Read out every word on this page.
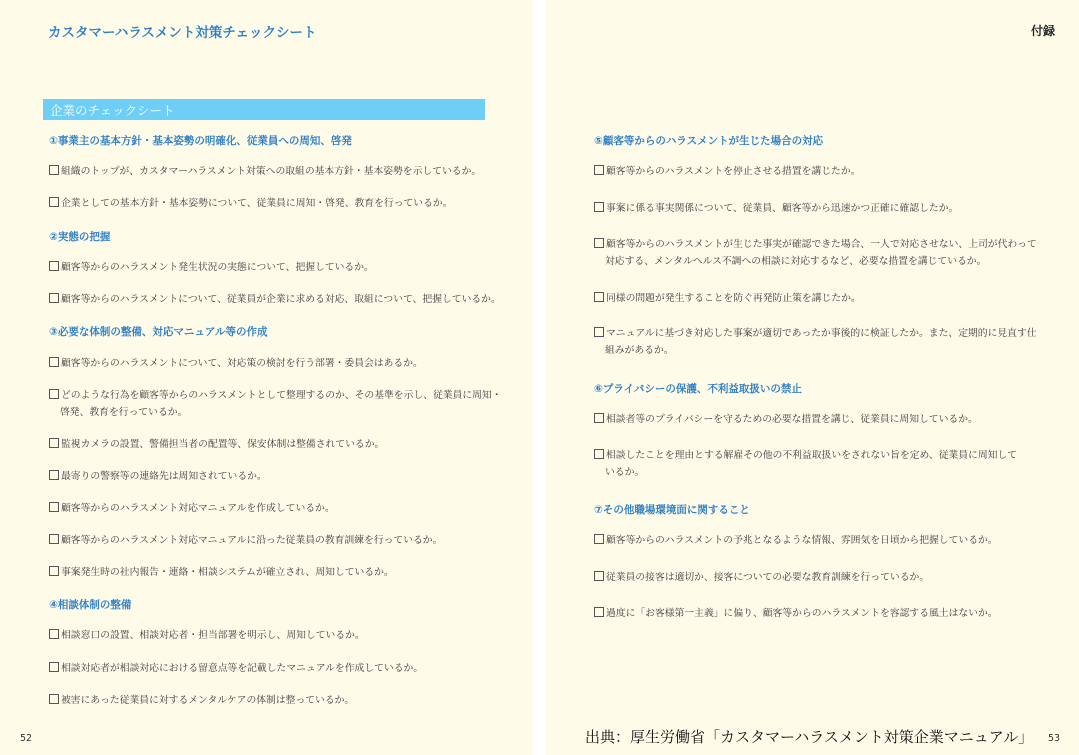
カスタマーハラスメント対策チェックシート
企業のチェックシート
①事業主の基本方針・基本姿勢の明確化、従業員への周知、啓発
組織のトップが、カスタマーハラスメント対策への取組の基本方針・基本姿勢を示しているか。
企業としての基本方針・基本姿勢について、従業員に周知・啓発、教育を行っているか。
②実態の把握
顧客等からのハラスメント発生状況の実態について、把握しているか。
顧客等からのハラスメントについて、従業員が企業に求める対応、取組について、把握しているか。
③必要な体制の整備、対応マニュアル等の作成
顧客等からのハラスメントについて、対応策の検討を行う部署・委員会はあるか。
どのような行為を顧客等からのハラスメントとして整理するのか、その基準を示し、従業員に周知・
啓発、教育を行っているか。
監視カメラの設置、警備担当者の配置等、保安体制は整備されているか。
最寄りの警察等の連絡先は周知されているか。
顧客等からのハラスメント対応マニュアルを作成しているか。
顧客等からのハラスメント対応マニュアルに沿った従業員の教育訓練を行っているか。
事案発生時の社内報告・連絡・相談システムが確立され、周知しているか。
④相談体制の整備
相談窓口の設置、相談対応者・担当部署を明示し、周知しているか。
相談対応者が相談対応における留意点等を記載したマニュアルを作成しているか。
被害にあった従業員に対するメンタルケアの体制は整っているか。
52
付録
⑤顧客等からのハラスメントが生じた場合の対応
顧客等からのハラスメントを停止させる措置を講じたか。
事案に係る事実関係について、従業員、顧客等から迅速かつ正確に確認したか。
顧客等からのハラスメントが生じた事実が確認できた場合、一人で対応させない、上司が代わって
対応する、メンタルヘルス不調への相談に対応するなど、必要な措置を講じているか。
同様の問題が発生することを防ぐ再発防止策を講じたか。
マニュアルに基づき対応した事案が適切であったか事後的に検証したか。また、定期的に見直す仕
組みがあるか。
⑥プライバシーの保護、不利益取扱いの禁止
相談者等のプライバシーを守るための必要な措置を講じ、従業員に周知しているか。
相談したことを理由とする解雇その他の不利益取扱いをされない旨を定め、従業員に周知して
いるか。
⑦その他職場環境面に関すること
顧客等からのハラスメントの予兆となるような情報、雰囲気を日頃から把握しているか。
従業員の接客は適切か、接客についての必要な教育訓練を行っているか。
過度に「お客様第一主義」に偏り、顧客等からのハラスメントを容認する風土はないか。
53
出典：厚生労働省「カスタマーハラスメント対策企業マニュアル」
